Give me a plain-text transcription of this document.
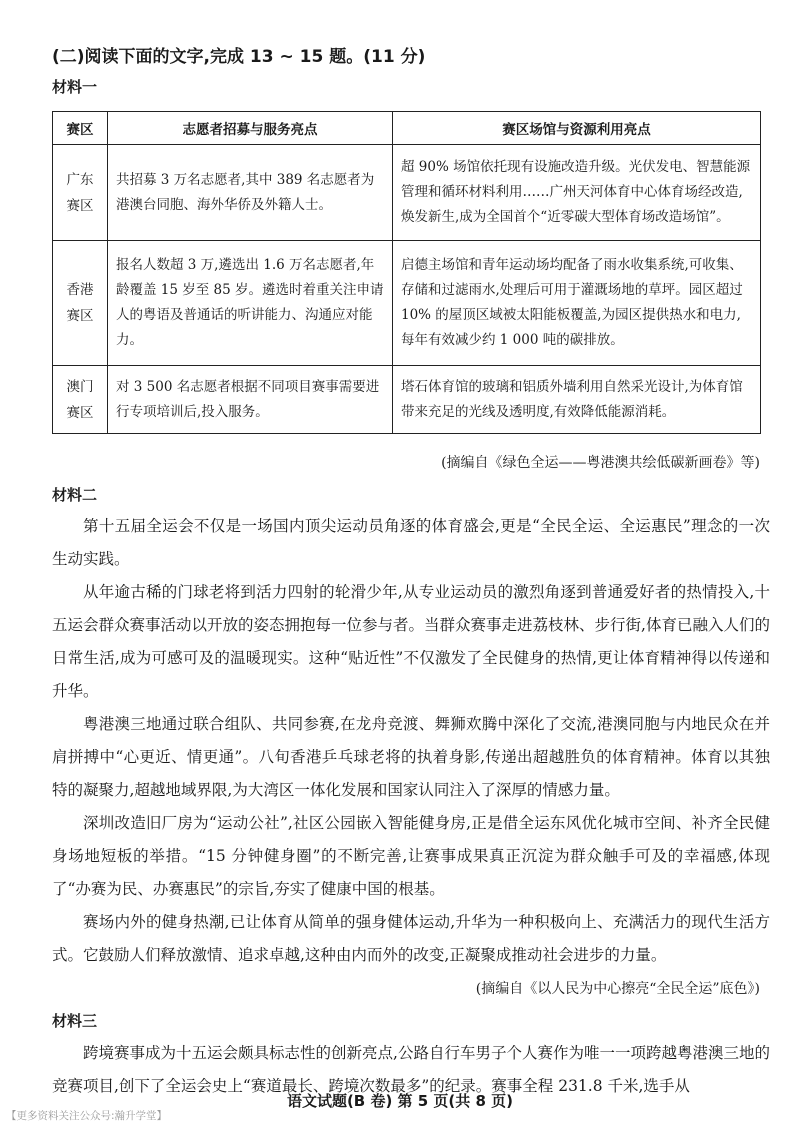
(二)阅读下面的文字,完成 13 ~ 15 题。(11 分)
材料一
赛区	志愿者招募与服务亮点	赛区场馆与资源利用亮点
广东
赛区	共招募 3 万名志愿者,其中 389 名志愿者为港澳台同胞、海外华侨及外籍人士。	超 90% 场馆依托现有设施改造升级。光伏发电、智慧能源管理和循环材料利用……广州天河体育中心体育场经改造,焕发新生,成为全国首个“近零碳大型体育场改造场馆”。
香港
赛区	报名人数超 3 万,遴选出 1.6 万名志愿者,年龄覆盖 15 岁至 85 岁。遴选时着重关注申请人的粤语及普通话的听讲能力、沟通应对能力。	启德主场馆和青年运动场均配备了雨水收集系统,可收集、存储和过滤雨水,处理后可用于灌溉场地的草坪。园区超过 10% 的屋顶区域被太阳能板覆盖,为园区提供热水和电力,每年有效减少约 1 000 吨的碳排放。
澳门
赛区	对 3 500 名志愿者根据不同项目赛事需要进行专项培训后,投入服务。	塔石体育馆的玻璃和铝质外墙利用自然采光设计,为体育馆带来充足的光线及透明度,有效降低能源消耗。
(摘编自《绿色全运——粤港澳共绘低碳新画卷》等)
材料二

第十五届全运会不仅是一场国内顶尖运动员角逐的体育盛会,更是“全民全运、全运惠民”理念的一次生动实践。

从年逾古稀的门球老将到活力四射的轮滑少年,从专业运动员的激烈角逐到普通爱好者的热情投入,十五运会群众赛事活动以开放的姿态拥抱每一位参与者。当群众赛事走进荔枝林、步行街,体育已融入人们的日常生活,成为可感可及的温暖现实。这种“贴近性”不仅激发了全民健身的热情,更让体育精神得以传递和升华。

粤港澳三地通过联合组队、共同参赛,在龙舟竞渡、舞狮欢腾中深化了交流,港澳同胞与内地民众在并肩拼搏中“心更近、情更通”。八旬香港乒乓球老将的执着身影,传递出超越胜负的体育精神。体育以其独特的凝聚力,超越地域界限,为大湾区一体化发展和国家认同注入了深厚的情感力量。

深圳改造旧厂房为“运动公社”,社区公园嵌入智能健身房,正是借全运东风优化城市空间、补齐全民健身场地短板的举措。“15 分钟健身圈”的不断完善,让赛事成果真正沉淀为群众触手可及的幸福感,体现了“办赛为民、办赛惠民”的宗旨,夯实了健康中国的根基。

赛场内外的健身热潮,已让体育从简单的强身健体运动,升华为一种积极向上、充满活力的现代生活方式。它鼓励人们释放激情、追求卓越,这种由内而外的改变,正凝聚成推动社会进步的力量。

(摘编自《以人民为中心擦亮“全民全运”底色》)
材料三

跨境赛事成为十五运会颇具标志性的创新亮点,公路自行车男子个人赛作为唯一一项跨越粤港澳三地的竞赛项目,创下了全运会史上“赛道最长、跨境次数最多”的纪录。赛事全程 231.8 千米,选手从

语文试题(B 卷) 第 5 页(共 8 页)
【更多资料关注公众号:瀚升学堂】
